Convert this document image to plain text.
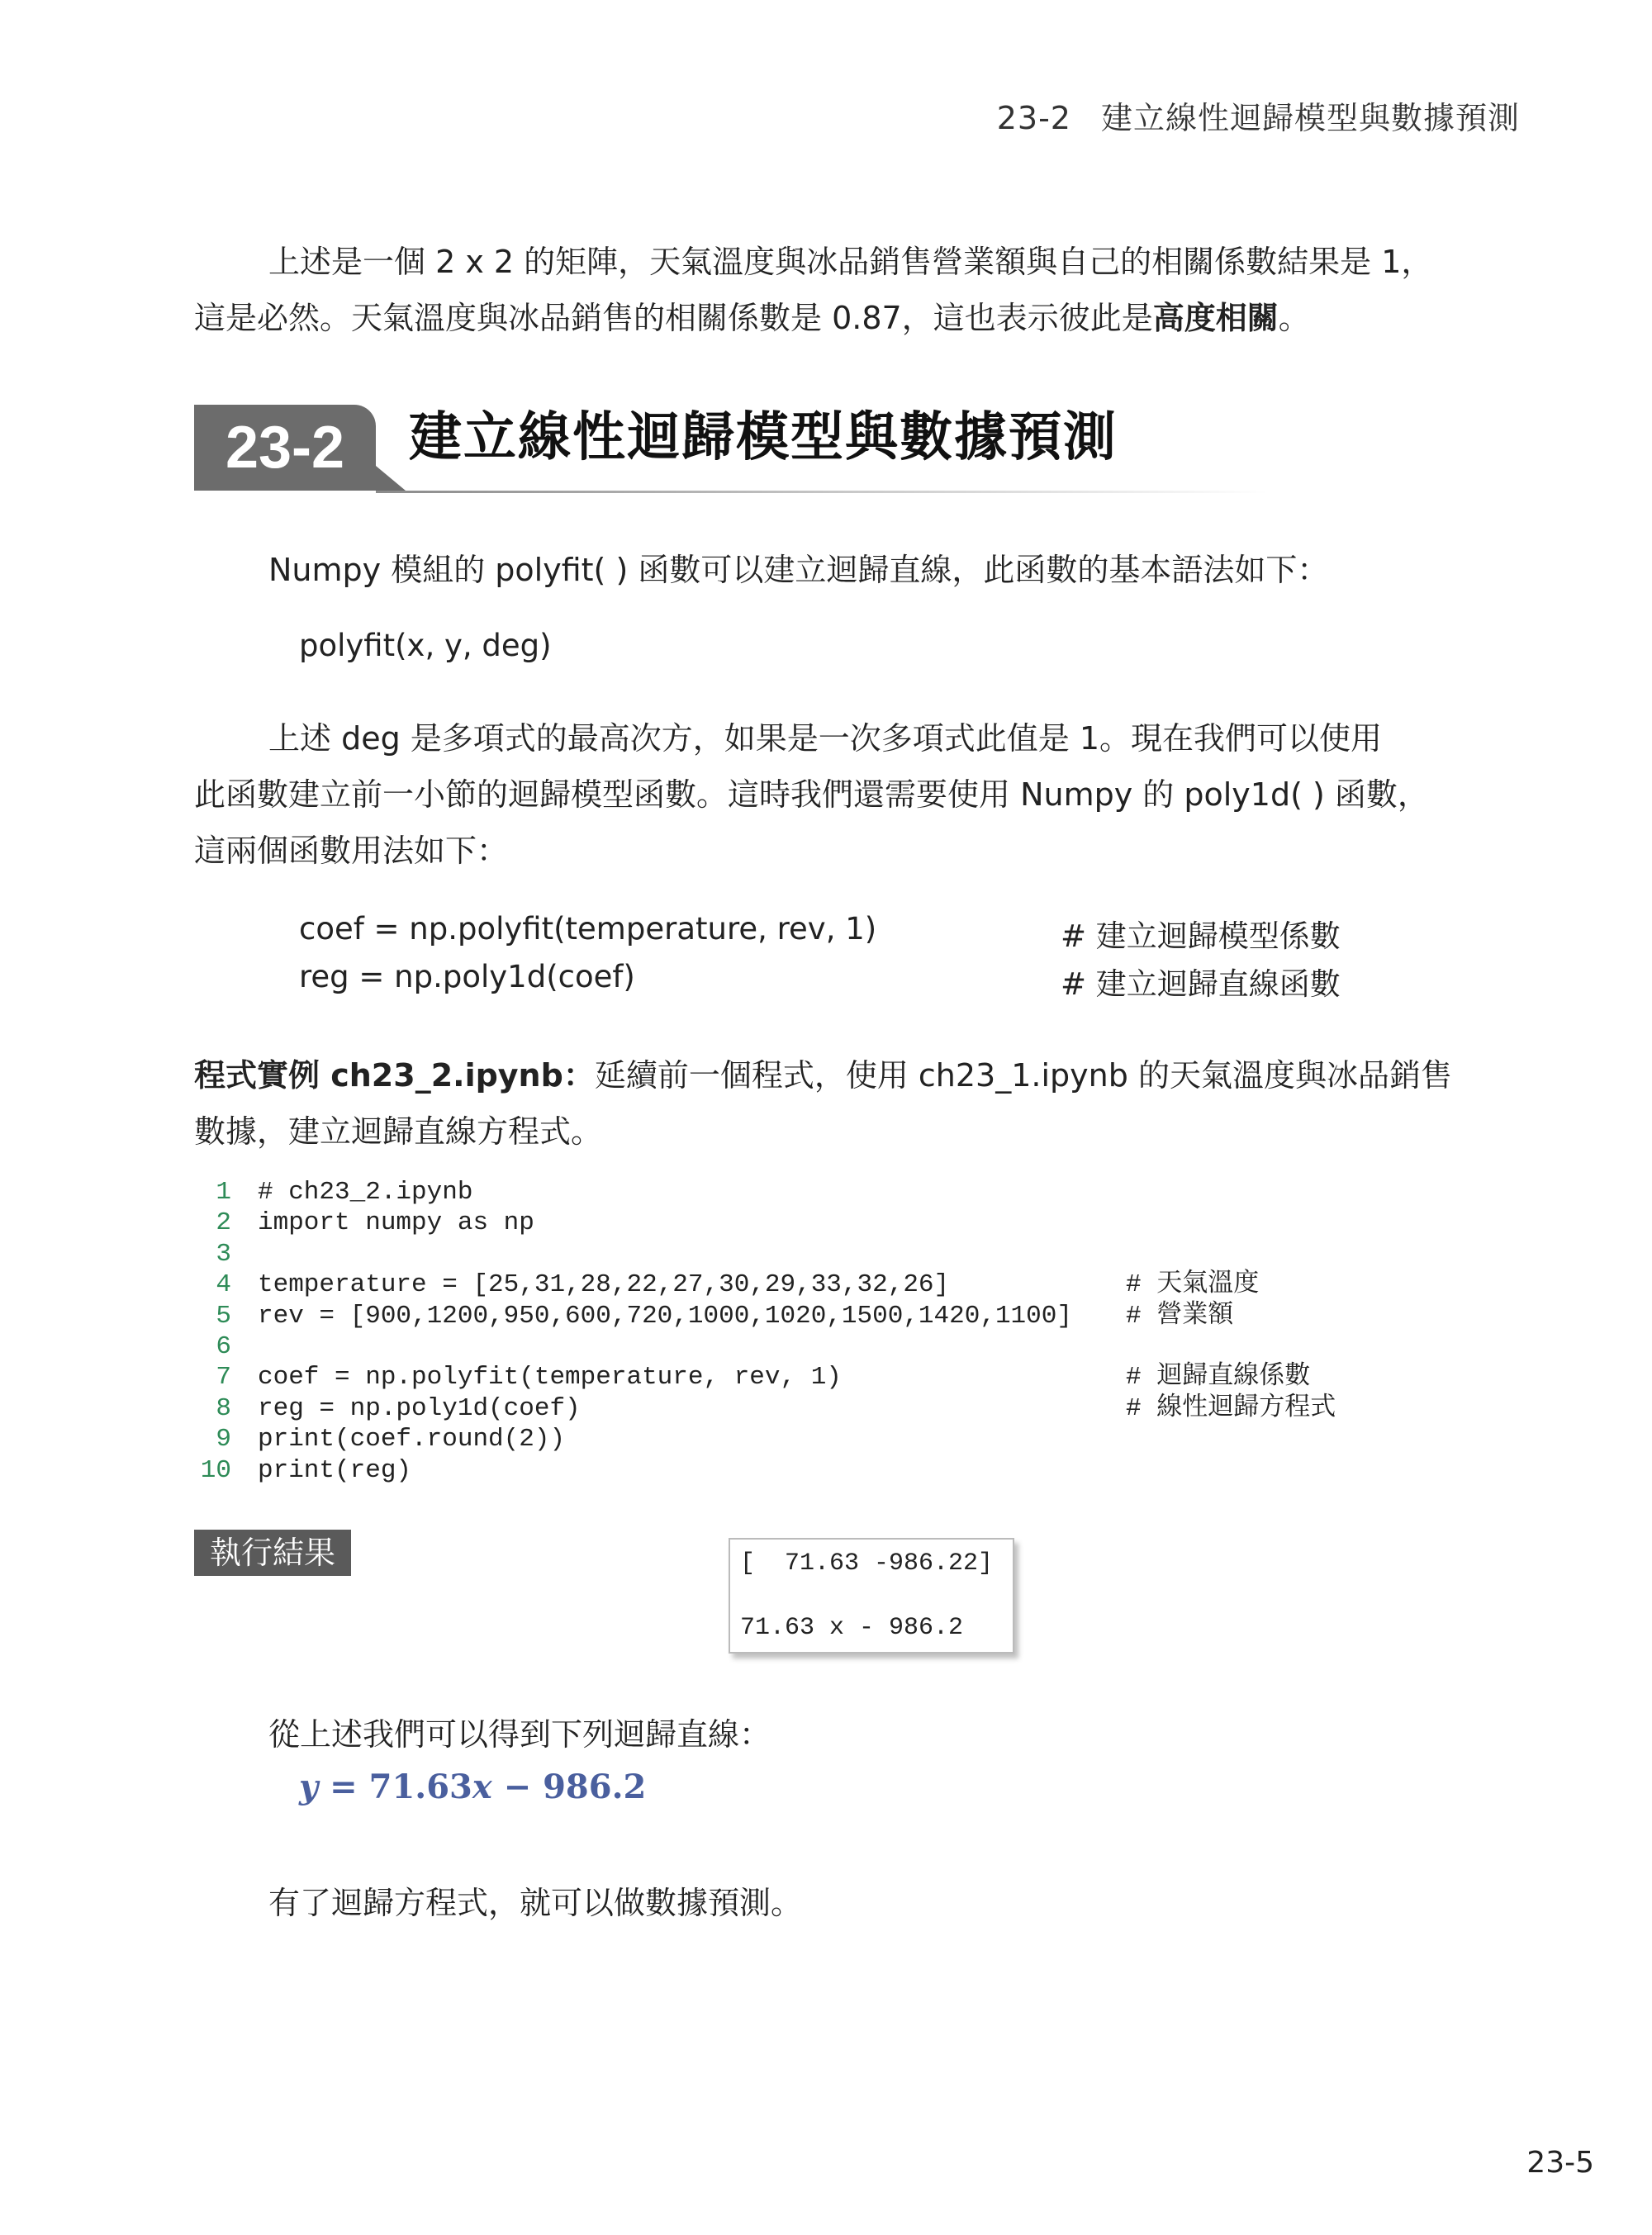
23-2 建立線性迴歸模型與數據預測
上述是一個 2 x 2 的矩陣，天氣溫度與冰品銷售營業額與自己的相關係數結果是 1，
這是必然。天氣溫度與冰品銷售的相關係數是 0.87，這也表示彼此是高度相關。
23-2	建立線性迴歸模型與數據預測
Numpy 模組的 polyfit( ) 函數可以建立迴歸直線，此函數的基本語法如下：
polyfit(x, y, deg)
上述 deg 是多項式的最高次方，如果是一次多項式此值是 1。現在我們可以使用
此函數建立前一小節的迴歸模型函數。這時我們還需要使用 Numpy 的 poly1d( ) 函數，
這兩個函數用法如下：
coef = np.polyfit(temperature, rev, 1)	# 建立迴歸模型係數
reg = np.poly1d(coef)	# 建立迴歸直線函數
程式實例 ch23_2.ipynb：延續前一個程式，使用 ch23_1.ipynb 的天氣溫度與冰品銷售
數據，建立迴歸直線方程式。
1 # ch23_2.ipynb
2 import numpy as np
3
4 temperature = [25,31,28,22,27,30,29,33,32,26]	# 天氣溫度
5 rev = [900,1200,950,600,720,1000,1020,1500,1420,1100] # 營業額
6
7 coef = np.polyfit(temperature, rev, 1)	# 迴歸直線係數
8 reg = np.poly1d(coef)	# 線性迴歸方程式
9 print(coef.round(2))
10 print(reg)
執行結果	[  71.63 -986.22]
71.63 x - 986.2
從上述我們可以得到下列迴歸直線：
y = 71.63x − 986.2
有了迴歸方程式，就可以做數據預測。
23-5
